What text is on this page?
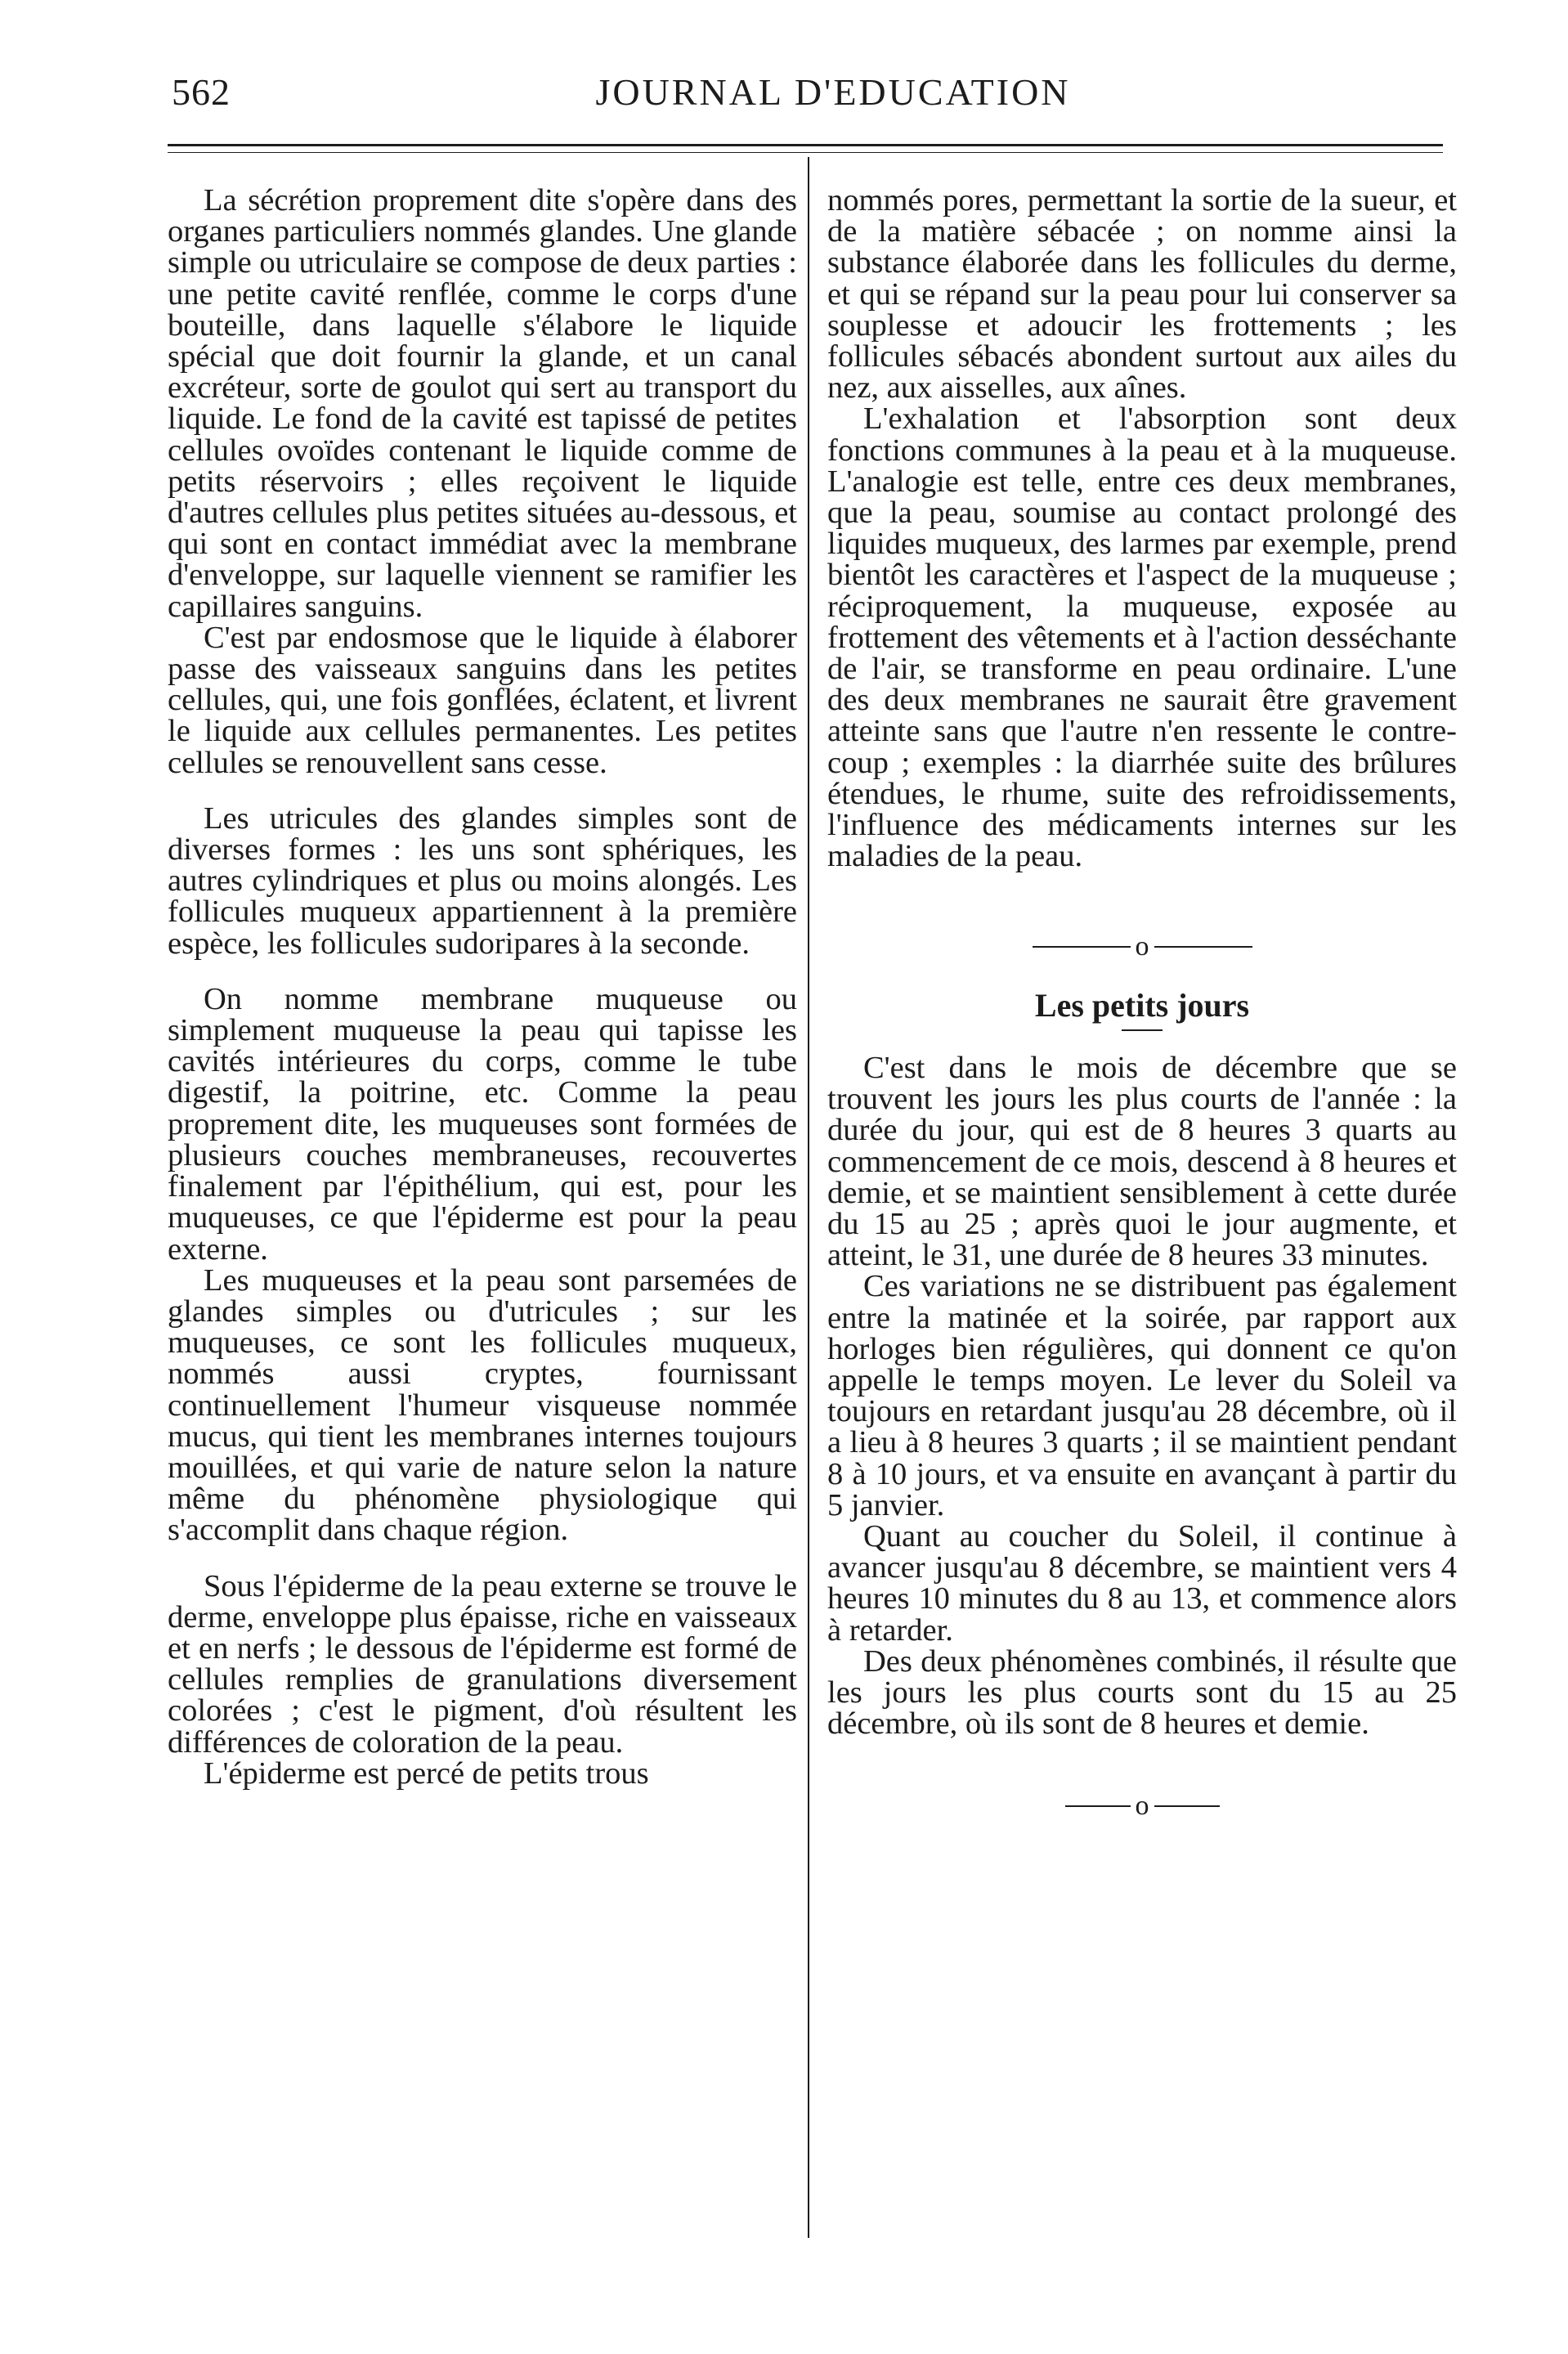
562	JOURNAL D'EDUCATION

La sécrétion proprement dite s'opère dans des organes particuliers nommés glandes. Une glande simple ou utriculaire se compose de deux parties : une petite cavité renflée, comme le corps d'une bouteille, dans laquelle s'élabore le liquide spécial que doit fournir la glande, et un canal excréteur, sorte de goulot qui sert au transport du liquide. Le fond de la cavité est tapissé de petites cellules ovoïdes contenant le liquide comme de petits réservoirs ; elles reçoivent le liquide d'autres cellules plus petites situées au-dessous, et qui sont en contact immédiat avec la membrane d'enveloppe, sur laquelle viennent se ramifier les capillaires sanguins.

C'est par endosmose que le liquide à élaborer passe des vaisseaux sanguins dans les petites cellules, qui, une fois gonflées, éclatent, et livrent le liquide aux cellules permanentes. Les petites cellules se renouvellent sans cesse.

Les utricules des glandes simples sont de diverses formes : les uns sont sphériques, les autres cylindriques et plus ou moins alongés. Les follicules muqueux appartiennent à la première espèce, les follicules sudoripares à la seconde.

On nomme membrane muqueuse ou simplement muqueuse la peau qui tapisse les cavités intérieures du corps, comme le tube digestif, la poitrine, etc. Comme la peau proprement dite, les muqueuses sont formées de plusieurs couches membraneuses, recouvertes finalement par l'épithélium, qui est, pour les muqueuses, ce que l'épiderme est pour la peau externe.

Les muqueuses et la peau sont parsemées de glandes simples ou d'utricules ; sur les muqueuses, ce sont les follicules muqueux, nommés aussi cryptes, fournissant continuellement l'humeur visqueuse nommée mucus, qui tient les membranes internes toujours mouillées, et qui varie de nature selon la nature même du phénomène physiologique qui s'accomplit dans chaque région.

Sous l'épiderme de la peau externe se trouve le derme, enveloppe plus épaisse, riche en vaisseaux et en nerfs ; le dessous de l'épiderme est formé de cellules remplies de granulations diversement colorées ; c'est le pigment, d'où résultent les différences de coloration de la peau.

L'épiderme est percé de petits trous

nommés pores, permettant la sortie de la sueur, et de la matière sébacée ; on nomme ainsi la substance élaborée dans les follicules du derme, et qui se répand sur la peau pour lui conserver sa souplesse et adoucir les frottements ; les follicules sébacés abondent surtout aux ailes du nez, aux aisselles, aux aînes.

L'exhalation et l'absorption sont deux fonctions communes à la peau et à la muqueuse. L'analogie est telle, entre ces deux membranes, que la peau, soumise au contact prolongé des liquides muqueux, des larmes par exemple, prend bientôt les caractères et l'aspect de la muqueuse ; réciproquement, la muqueuse, exposée au frottement des vêtements et à l'action desséchante de l'air, se transforme en peau ordinaire. L'une des deux membranes ne saurait être gravement atteinte sans que l'autre n'en ressente le contre-coup ; exemples : la diarrhée suite des brûlures étendues, le rhume, suite des refroidissements, l'influence des médicaments internes sur les maladies de la peau.

o
Les petits jours

C'est dans le mois de décembre que se trouvent les jours les plus courts de l'année : la durée du jour, qui est de 8 heures 3 quarts au commencement de ce mois, descend à 8 heures et demie, et se maintient sensiblement à cette durée du 15 au 25 ; après quoi le jour augmente, et atteint, le 31, une durée de 8 heures 33 minutes.

Ces variations ne se distribuent pas également entre la matinée et la soirée, par rapport aux horloges bien régulières, qui donnent ce qu'on appelle le temps moyen. Le lever du Soleil va toujours en retardant jusqu'au 28 décembre, où il a lieu à 8 heures 3 quarts ; il se maintient pendant 8 à 10 jours, et va ensuite en avançant à partir du 5 janvier.

Quant au coucher du Soleil, il continue à avancer jusqu'au 8 décembre, se maintient vers 4 heures 10 minutes du 8 au 13, et commence alors à retarder.

Des deux phénomènes combinés, il résulte que les jours les plus courts sont du 15 au 25 décembre, où ils sont de 8 heures et demie.

o
